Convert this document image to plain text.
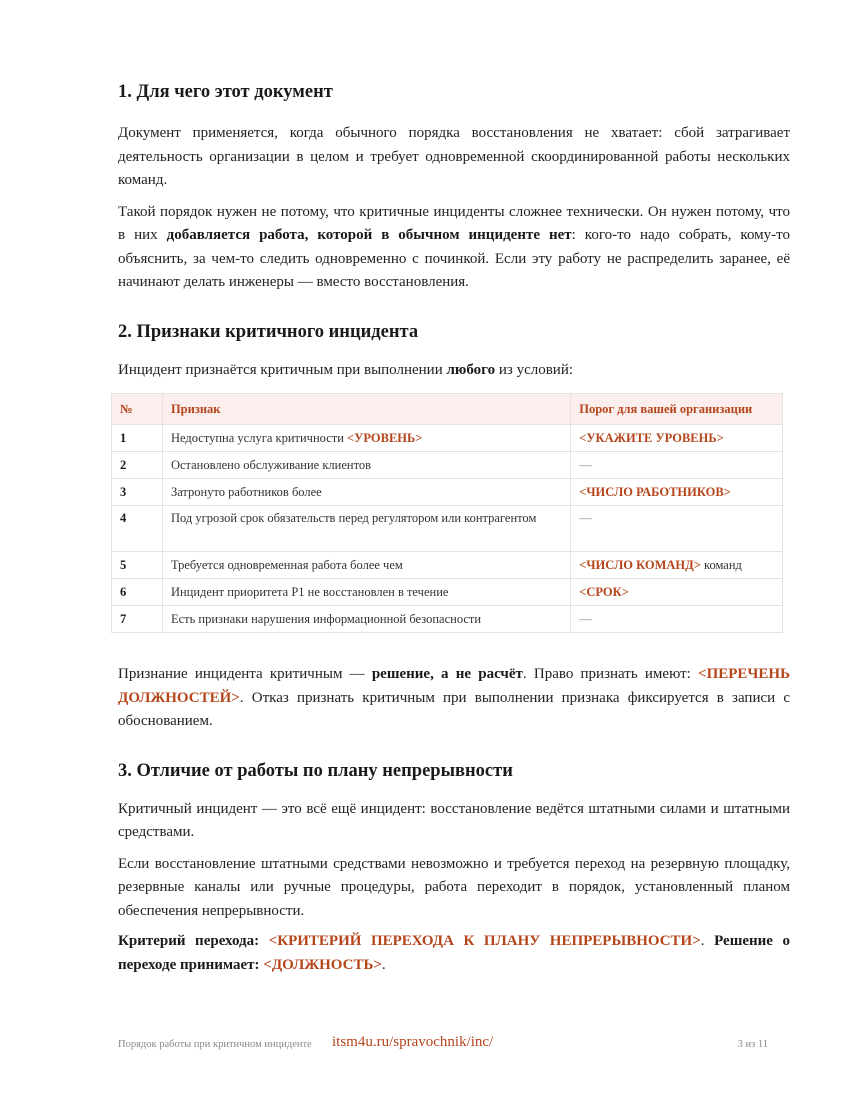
1. Для чего этот документ

Документ применяется, когда обычного порядка восстановления не хватает: сбой затрагивает деятельность организации в целом и требует одновременной скоординированной работы нескольких команд.

Такой порядок нужен не потому, что критичные инциденты сложнее технически. Он нужен потому, что в них добавляется работа, которой в обычном инциденте нет: кого-то надо собрать, кому-то объяснить, за чем-то следить одновременно с починкой. Если эту работу не распределить заранее, её начинают делать инженеры — вместо восстановления.

2. Признаки критичного инцидента

Инцидент признаётся критичным при выполнении любого из условий:

№	Признак	Порог для вашей организации
1	Недоступна услуга критичности <УРОВЕНЬ>	<УКАЖИТЕ УРОВЕНЬ>
2	Остановлено обслуживание клиентов	—
3	Затронуто работников более	<ЧИСЛО РАБОТНИКОВ>
4	Под угрозой срок обязательств перед регулятором или контрагентом	—
5	Требуется одновременная работа более чем	<ЧИСЛО КОМАНД> команд
6	Инцидент приоритета P1 не восстановлен в течение	<СРОК>
7	Есть признаки нарушения информационной безопасности	—

Признание инцидента критичным — решение, а не расчёт. Право признать имеют: <ПЕРЕЧЕНЬ ДОЛЖНОСТЕЙ>. Отказ признать критичным при выполнении признака фиксируется в записи с обоснованием.

3. Отличие от работы по плану непрерывности

Критичный инцидент — это всё ещё инцидент: восстановление ведётся штатными силами и штатными средствами.

Если восстановление штатными средствами невозможно и требуется переход на резервную площадку, резервные каналы или ручные процедуры, работа переходит в порядок, установленный планом обеспечения непрерывности.

Критерий перехода: <КРИТЕРИЙ ПЕРЕХОДА К ПЛАНУ НЕПРЕРЫВНОСТИ>. Решение о переходе принимает: <ДОЛЖНОСТЬ>.

Порядок работы при критичном инциденте itsm4u.ru/spravochnik/inc/	3 из 11
